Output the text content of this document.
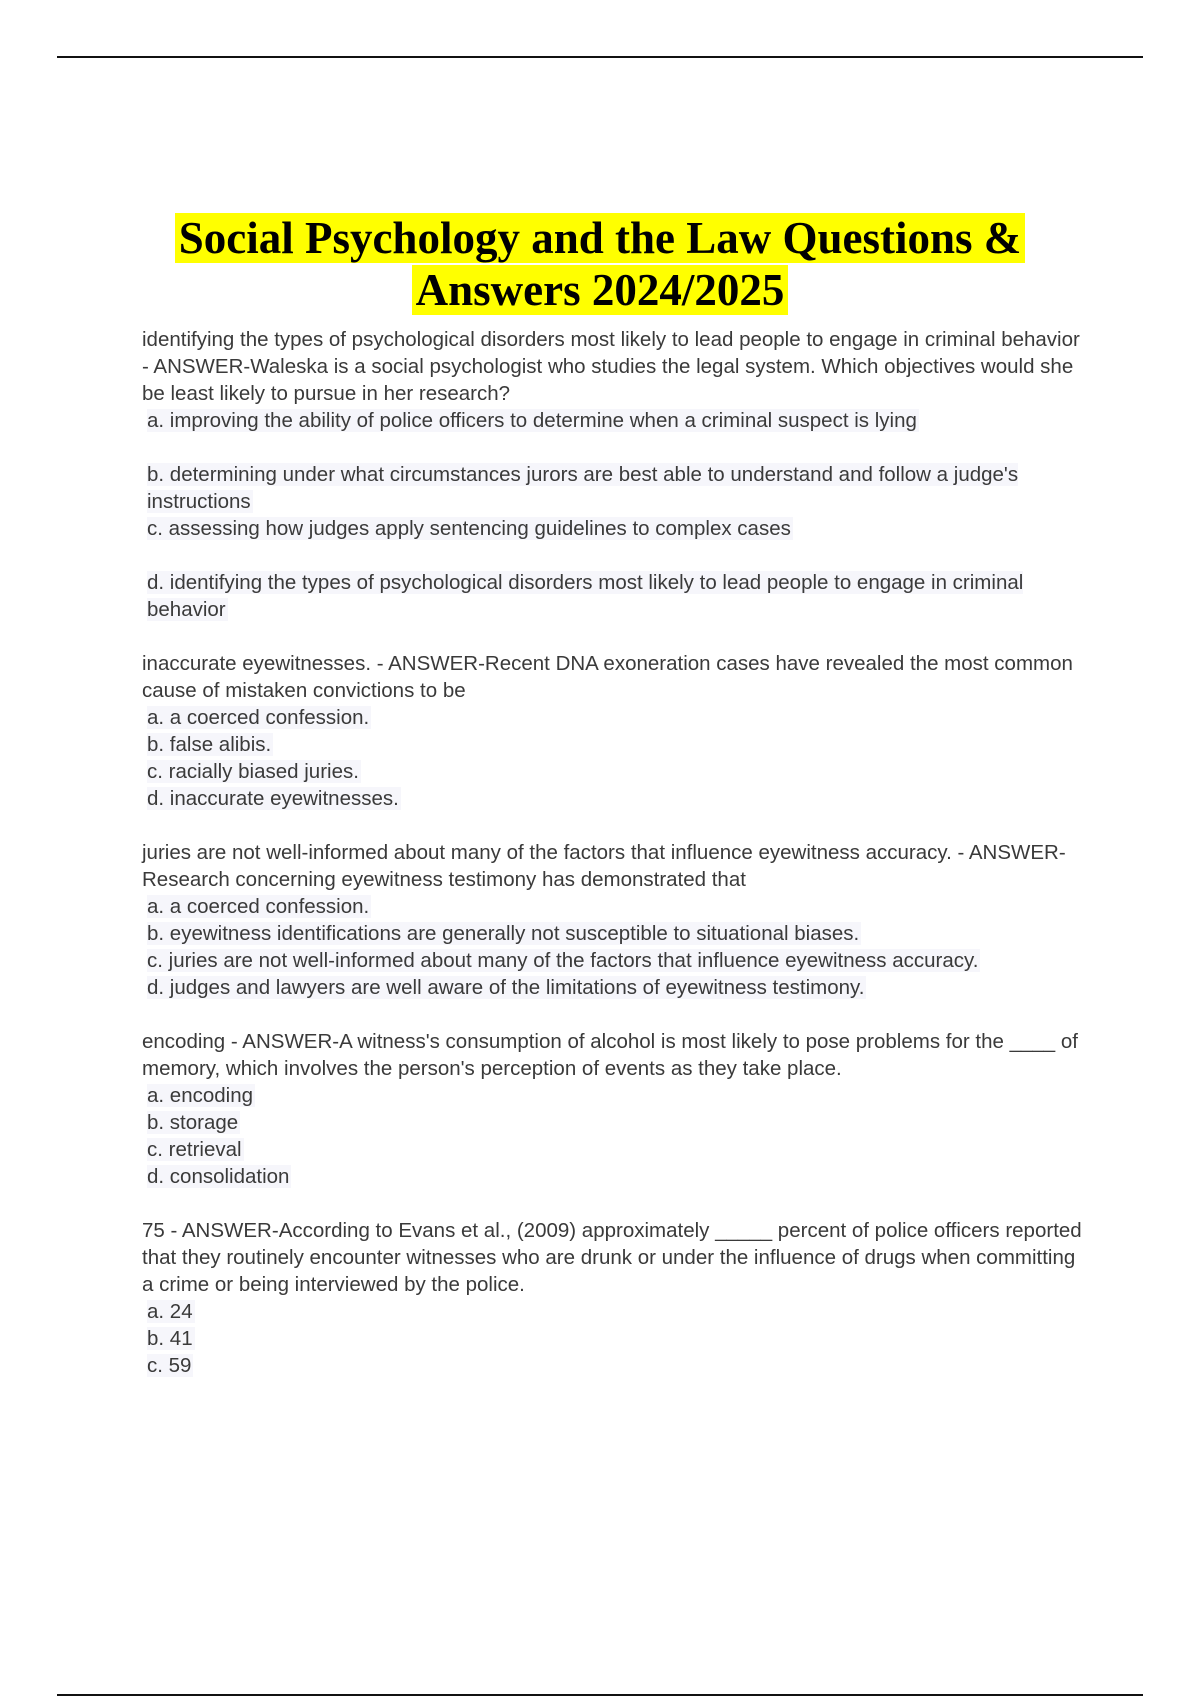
Social Psychology and the Law Questions &
Answers 2024/2025

identifying the types of psychological disorders most likely to lead people to engage in criminal behavior - ANSWER-Waleska is a social psychologist who studies the legal system. Which objectives would she be least likely to pursue in her research?

a. improving the ability of police officers to determine when a criminal suspect is lying

b. determining under what circumstances jurors are best able to understand and follow a judge's instructions

c. assessing how judges apply sentencing guidelines to complex cases

d. identifying the types of psychological disorders most likely to lead people to engage in criminal behavior

inaccurate eyewitnesses. - ANSWER-Recent DNA exoneration cases have revealed the most common cause of mistaken convictions to be

a. a coerced confession.

b. false alibis.

c. racially biased juries.

d. inaccurate eyewitnesses.

juries are not well-informed about many of the factors that influence eyewitness accuracy. - ANSWER-Research concerning eyewitness testimony has demonstrated that

a. a coerced confession.

b. eyewitness identifications are generally not susceptible to situational biases.

c. juries are not well-informed about many of the factors that influence eyewitness accuracy.

d. judges and lawyers are well aware of the limitations of eyewitness testimony.

encoding - ANSWER-A witness's consumption of alcohol is most likely to pose problems for the ____ of memory, which involves the person's perception of events as they take place.

a. encoding

b. storage

c. retrieval

d. consolidation

75 - ANSWER-According to Evans et al., (2009) approximately _____ percent of police officers reported that they routinely encounter witnesses who are drunk or under the influence of drugs when committing a crime or being interviewed by the police.

a. 24

b. 41

c. 59
